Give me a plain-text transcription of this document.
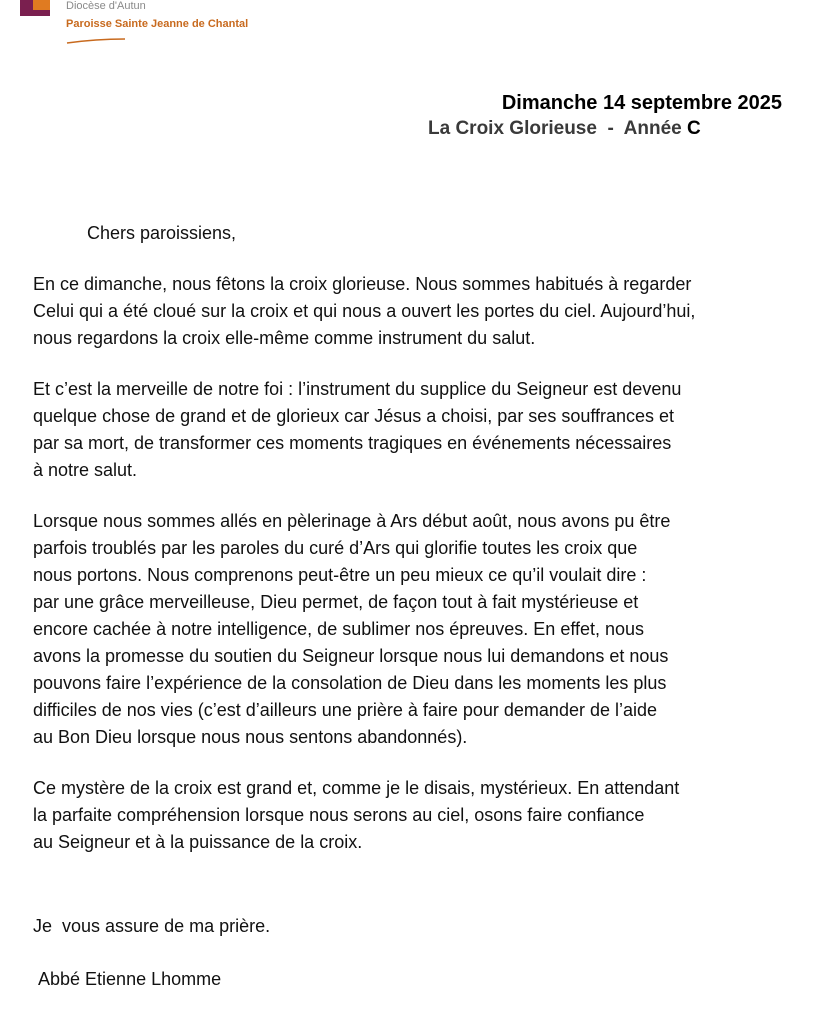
Diocèse d'Autun
Paroisse Sainte Jeanne de Chantal
Dimanche 14 septembre 2025
La Croix Glorieuse  -  Année C
Chers paroissiens,
En ce dimanche, nous fêtons la croix glorieuse. Nous sommes habitués à regarder
Celui qui a été cloué sur la croix et qui nous a ouvert les portes du ciel. Aujourd’hui,
nous regardons la croix elle-même comme instrument du salut.
Et c’est la merveille de notre foi : l’instrument du supplice du Seigneur est devenu
quelque chose de grand et de glorieux car Jésus a choisi, par ses souffrances et
par sa mort, de transformer ces moments tragiques en événements nécessaires
à notre salut.
Lorsque nous sommes allés en pèlerinage à Ars début août, nous avons pu être
parfois troublés par les paroles du curé d’Ars qui glorifie toutes les croix que
nous portons. Nous comprenons peut-être un peu mieux ce qu’il voulait dire :
par une grâce merveilleuse, Dieu permet, de façon tout à fait mystérieuse et
encore cachée à notre intelligence, de sublimer nos épreuves. En effet, nous
avons la promesse du soutien du Seigneur lorsque nous lui demandons et nous
pouvons faire l’expérience de la consolation de Dieu dans les moments les plus
difficiles de nos vies (c’est d’ailleurs une prière à faire pour demander de l’aide
au Bon Dieu lorsque nous nous sentons abandonnés).
Ce mystère de la croix est grand et, comme je le disais, mystérieux. En attendant
la parfaite compréhension lorsque nous serons au ciel, osons faire confiance
au Seigneur et à la puissance de la croix.
Je  vous assure de ma prière.
Abbé Etienne Lhomme
